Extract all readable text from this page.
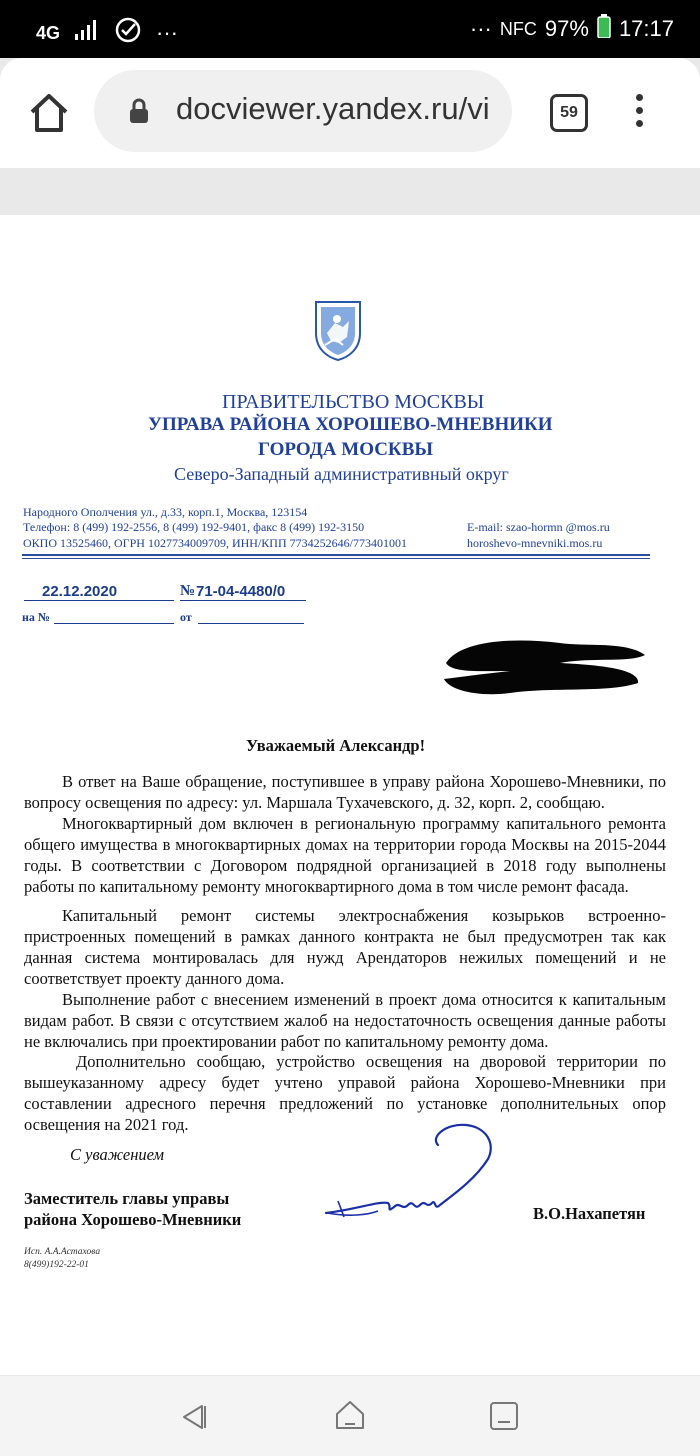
4G	···	··· NFC 97% 17:17
docviewer.yandex.ru/vi	59
ПРАВИТЕЛЬСТВО МОСКВЫ
УПРАВА РАЙОНА ХОРОШЕВО-МНЕВНИКИ
ГОРОДА МОСКВЫ
Северо-Западный административный округ
Народного Ополчения ул., д.33, корп.1, Москва, 123154
Телефон: 8 (499) 192-2556, 8 (499) 192-9401, факс 8 (499) 192-3150
ОКПО 13525460, ОГРН 1027734009709, ИНН/КПП 7734252646/773401001
E-mail: szao-hormn @mos.ru
horoshevo-mnevniki.mos.ru
22.12.2020	№ 71-04-4480/0
на №	от
Уважаемый Александр!
В ответ на Ваше обращение, поступившее в управу района Хорошево-Мневники, по вопросу освещения по адресу: ул. Маршала Тухачевского, д. 32, корп. 2, сообщаю.
Многоквартирный дом включен в региональную программу капитального ремонта общего имущества в многоквартирных домах на территории города Москвы на 2015-2044 годы. В соответствии с Договором подрядной организацией в 2018 году выполнены работы по капитальному ремонту многоквартирного дома в том числе ремонт фасада.
Капитальный ремонт системы электроснабжения козырьков встроенно-пристроенных помещений в рамках данного контракта не был предусмотрен так как данная система монтировалась для нужд Арендаторов нежилых помещений и не соответствует проекту данного дома.
Выполнение работ с внесением изменений в проект дома относится к капитальным видам работ. В связи с отсутствием жалоб на недостаточность освещения данные работы не включались при проектировании работ по капитальному ремонту дома.
Дополнительно сообщаю, устройство освещения на дворовой территории по вышеуказанному адресу будет учтено управой района Хорошево-Мневники при составлении адресного перечня предложений по установке дополнительных опор освещения на 2021 год.
С уважением
Заместитель главы управы
района Хорошево-Мневники	В.О.Нахапетян
Исп. А.А.Астахова
8(499)192-22-01
